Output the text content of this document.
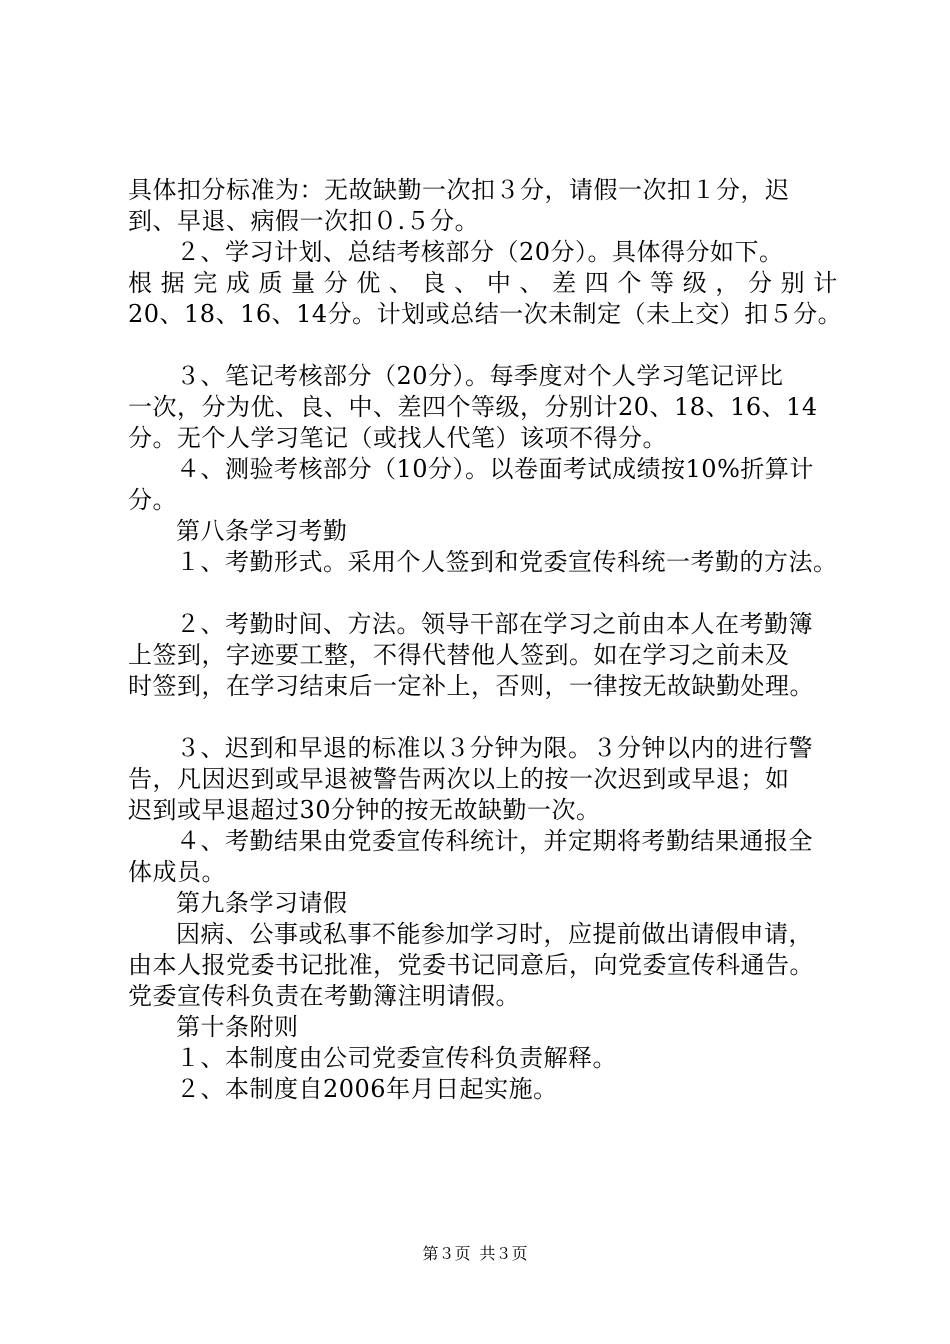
具体扣分标准为：无故缺勤一次扣３分，请假一次扣１分，迟
到、早退、病假一次扣０.５分。
２、学习计划、总结考核部分（20分）。具体得分如下。
根 据 完 成 质 量 分 优 、 良 、 中 、 差 四 个 等 级 ， 分 别 计
20、18、16、14分。计划或总结一次未制定（未上交）扣５分。
３、笔记考核部分（20分）。每季度对个人学习笔记评比
一次，分为优、良、中、差四个等级，分别计20、18、16、14
分。无个人学习笔记（或找人代笔）该项不得分。
４、测验考核部分（10分）。以卷面考试成绩按10%折算计
分。
第八条学习考勤
１、考勤形式。采用个人签到和党委宣传科统一考勤的方法。
２、考勤时间、方法。领导干部在学习之前由本人在考勤簿
上签到，字迹要工整，不得代替他人签到。如在学习之前未及
时签到，在学习结束后一定补上，否则，一律按无故缺勤处理。
３、迟到和早退的标准以３分钟为限。３分钟以内的进行警
告，凡因迟到或早退被警告两次以上的按一次迟到或早退；如
迟到或早退超过30分钟的按无故缺勤一次。
４、考勤结果由党委宣传科统计，并定期将考勤结果通报全
体成员。
第九条学习请假
因病、公事或私事不能参加学习时，应提前做出请假申请，
由本人报党委书记批准，党委书记同意后，向党委宣传科通告。
党委宣传科负责在考勤簿注明请假。
第十条附则
１、本制度由公司党委宣传科负责解释。
２、本制度自2006年月日起实施。
第３页 共３页
